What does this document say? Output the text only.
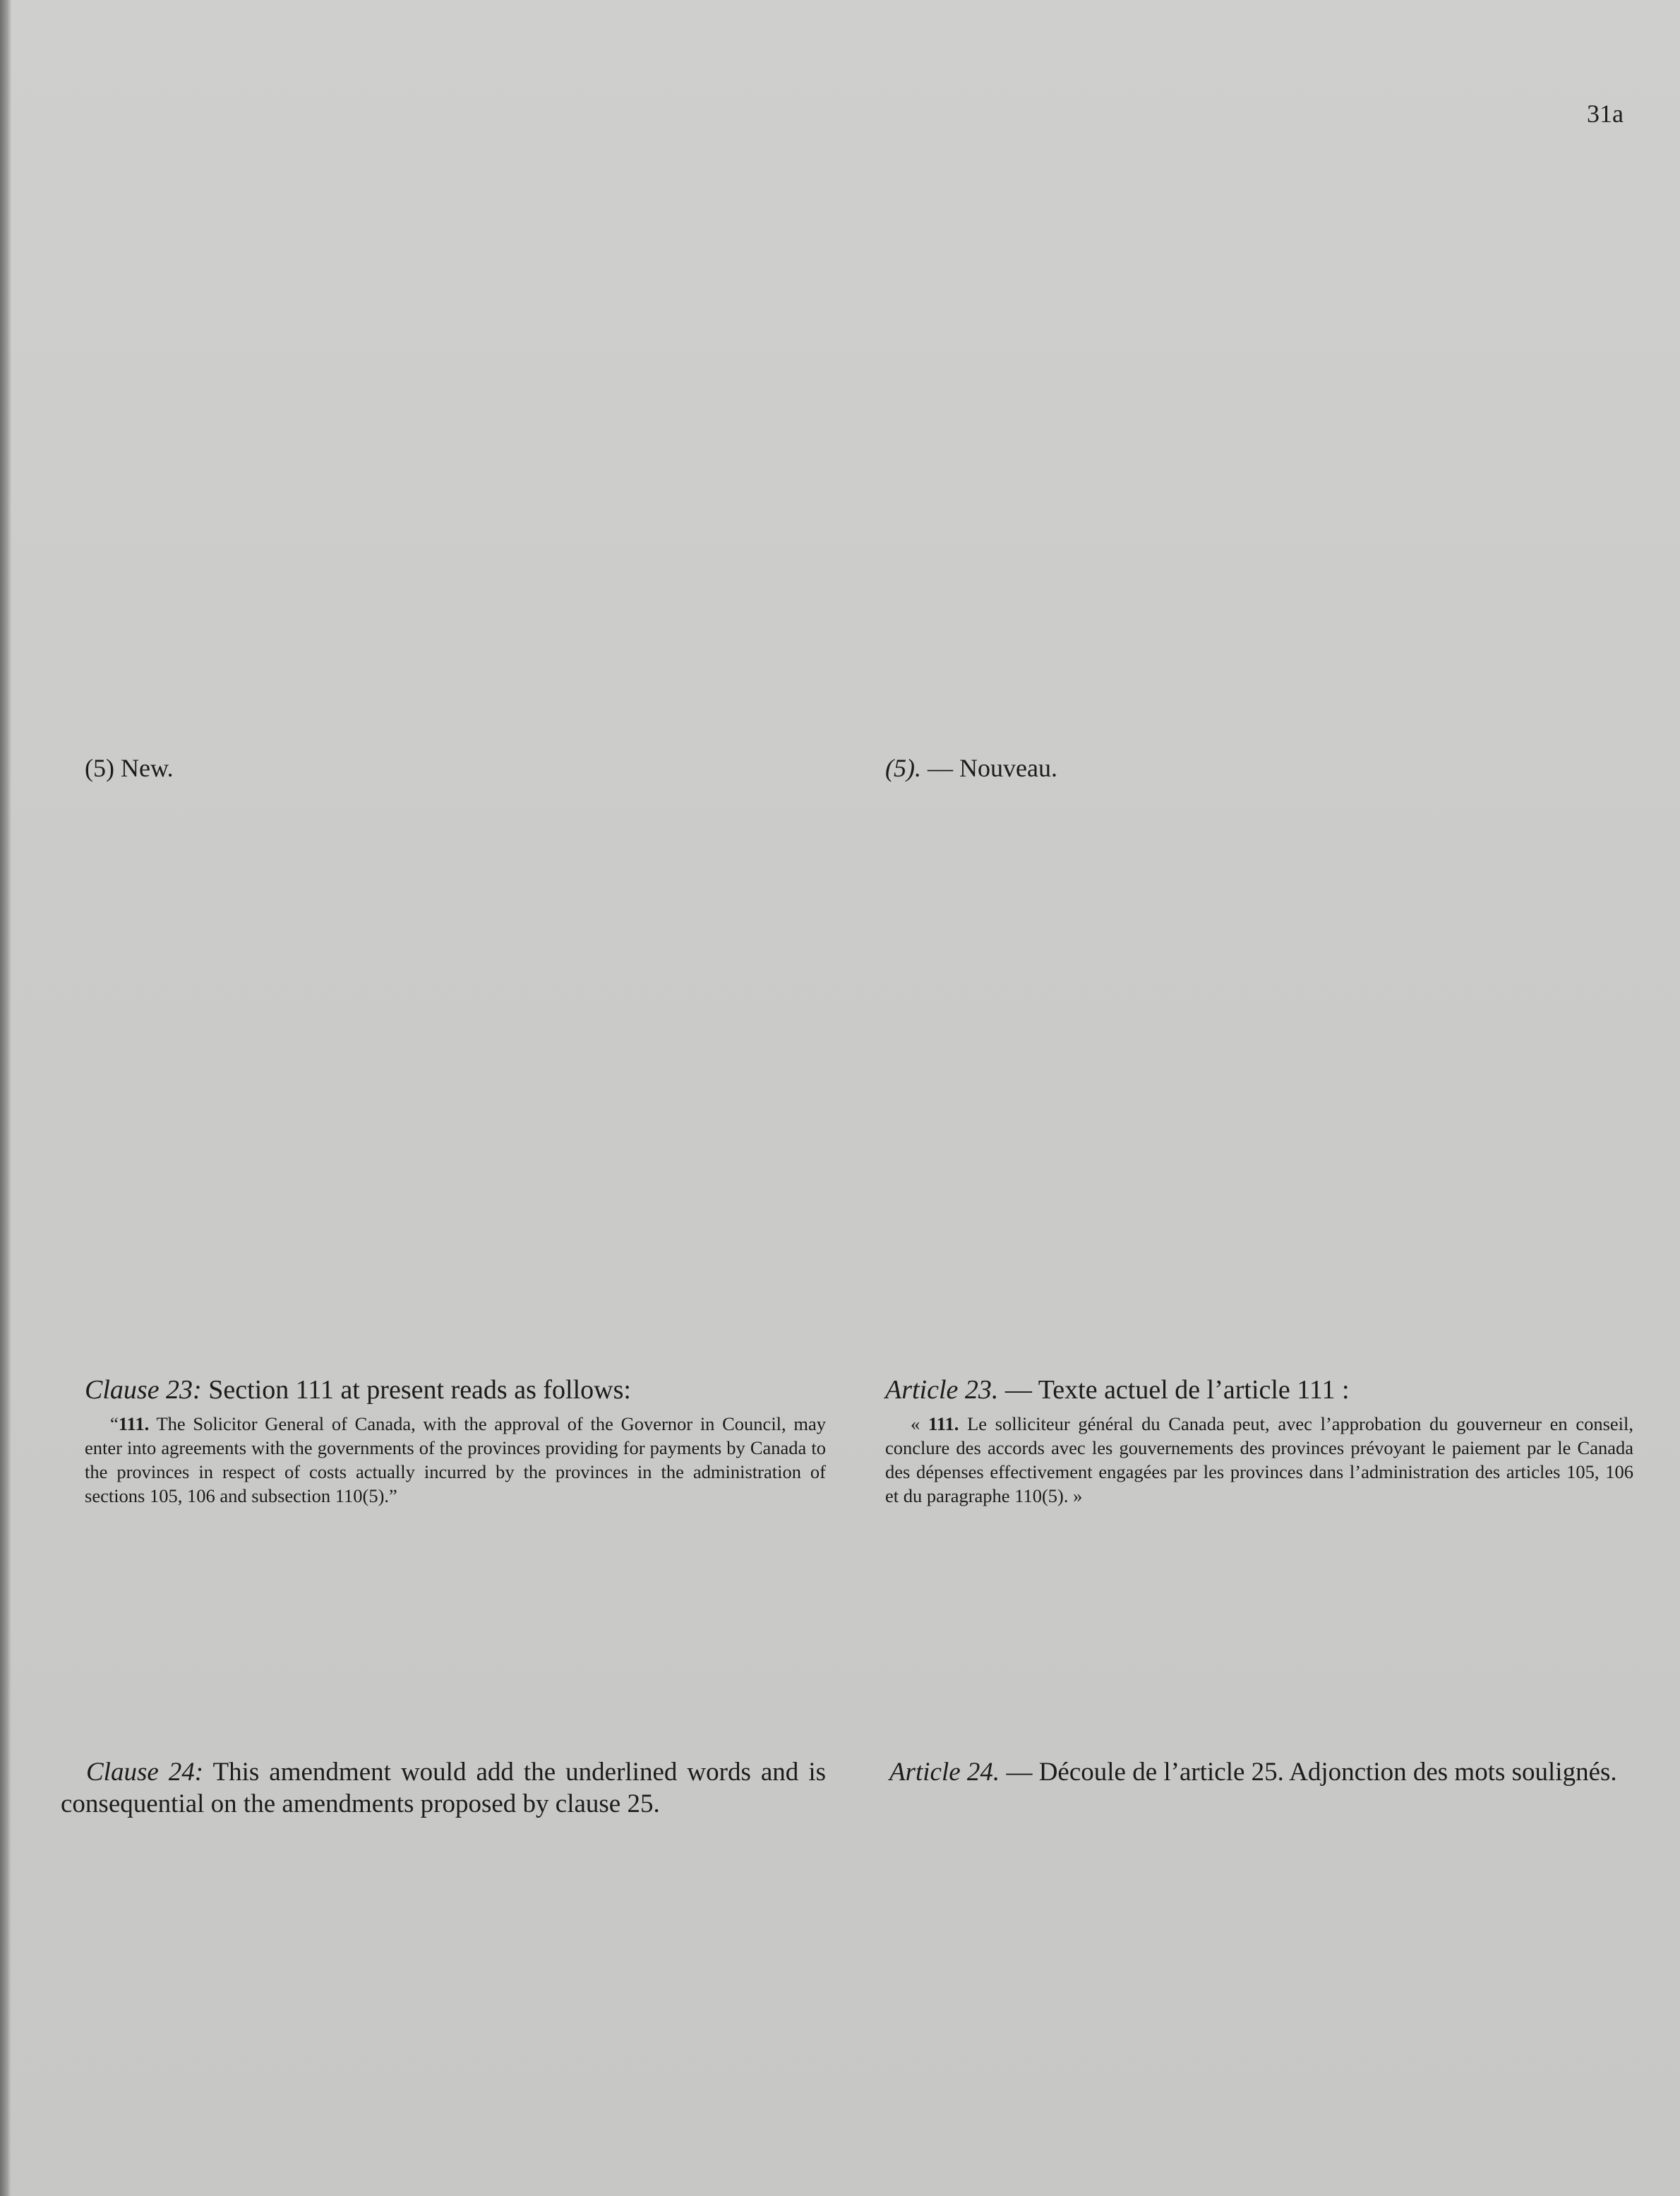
31a

(5) New.	(5). — Nouveau.

Clause 23: Section 111 at present reads as follows:

“111. The Solicitor General of Canada, with the approval of the Governor in Council, may enter into agreements with the governments of the provinces providing for payments by Canada to the provinces in respect of costs actually incurred by the provinces in the administration of sections 105, 106 and subsection 110(5).”

Article 23. — Texte actuel de l’article 111 :

« 111. Le solliciteur général du Canada peut, avec l’approbation du gouverneur en conseil, conclure des accords avec les gouvernements des provinces prévoyant le paiement par le Canada des dépenses effectivement engagées par les provinces dans l’administration des articles 105, 106 et du paragraphe 110(5). »

Clause 24: This amendment would add the underlined words and is consequential on the amendments proposed by clause 25.

Article 24. — Découle de l’article 25. Adjonction des mots soulignés.
